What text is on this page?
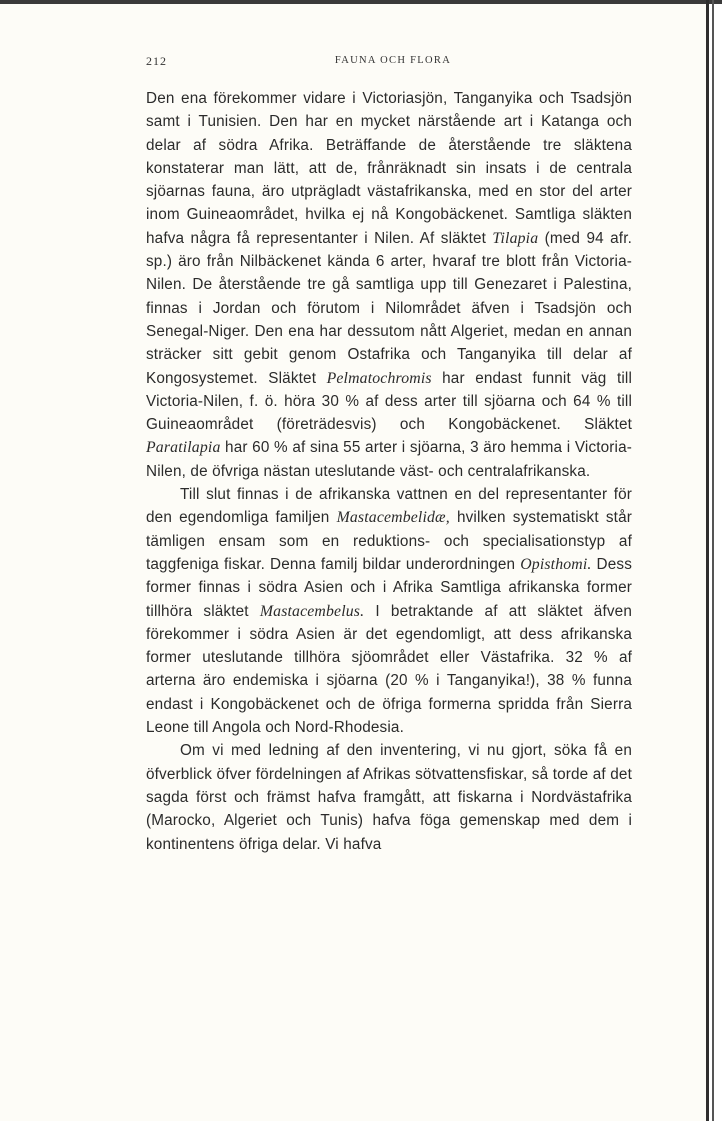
212	FAUNA OCH FLORA

Den ena förekommer vidare i Victoriasjön, Tanganyika och Tsadsjön samt i Tunisien. Den har en mycket närstående art i Katanga och delar af södra Afrika. Beträffande de återstående tre släktena konstaterar man lätt, att de, frånräknadt sin insats i de centrala sjöarnas fauna, äro utprägladt västafrikanska, med en stor del arter inom Guineaområdet, hvilka ej nå Kongobäckenet. Samtliga släkten hafva några få representanter i Nilen. Af släktet Tilapia (med 94 afr. sp.) äro från Nilbäckenet kända 6 arter, hvaraf tre blott från Victoria-Nilen. De återstående tre gå samtliga upp till Genezaret i Palestina, finnas i Jordan och förutom i Nilområdet äfven i Tsadsjön och Senegal-Niger. Den ena har dessutom nått Algeriet, medan en annan sträcker sitt gebit genom Ostafrika och Tanganyika till delar af Kongosystemet. Släktet Pelmatochromis har endast funnit väg till Victoria-Nilen, f. ö. höra 30 % af dess arter till sjöarna och 64 % till Guineaområdet (företrädesvis) och Kongobäckenet. Släktet Paratilapia har 60 % af sina 55 arter i sjöarna, 3 äro hemma i Victoria-Nilen, de öfvriga nästan uteslutande väst- och centralafrikanska.

Till slut finnas i de afrikanska vattnen en del representanter för den egendomliga familjen Mastacembelidæ, hvilken systematiskt står tämligen ensam som en reduktions- och specialisationstyp af taggfeniga fiskar. Denna familj bildar underordningen Opisthomi. Dess former finnas i södra Asien och i Afrika Samtliga afrikanska former tillhöra släktet Mastacembelus. I betraktande af att släktet äfven förekommer i södra Asien är det egendomligt, att dess afrikanska former uteslutande tillhöra sjöområdet eller Västafrika. 32 % af arterna äro endemiska i sjöarna (20 % i Tanganyika!), 38 % funna endast i Kongobäckenet och de öfriga formerna spridda från Sierra Leone till Angola och Nord-Rhodesia.

Om vi med ledning af den inventering, vi nu gjort, söka få en öfverblick öfver fördelningen af Afrikas sötvattensfiskar, så torde af det sagda först och främst hafva framgått, att fiskarna i Nordvästafrika (Marocko, Algeriet och Tunis) hafva föga gemenskap med dem i kontinentens öfriga delar. Vi hafva
